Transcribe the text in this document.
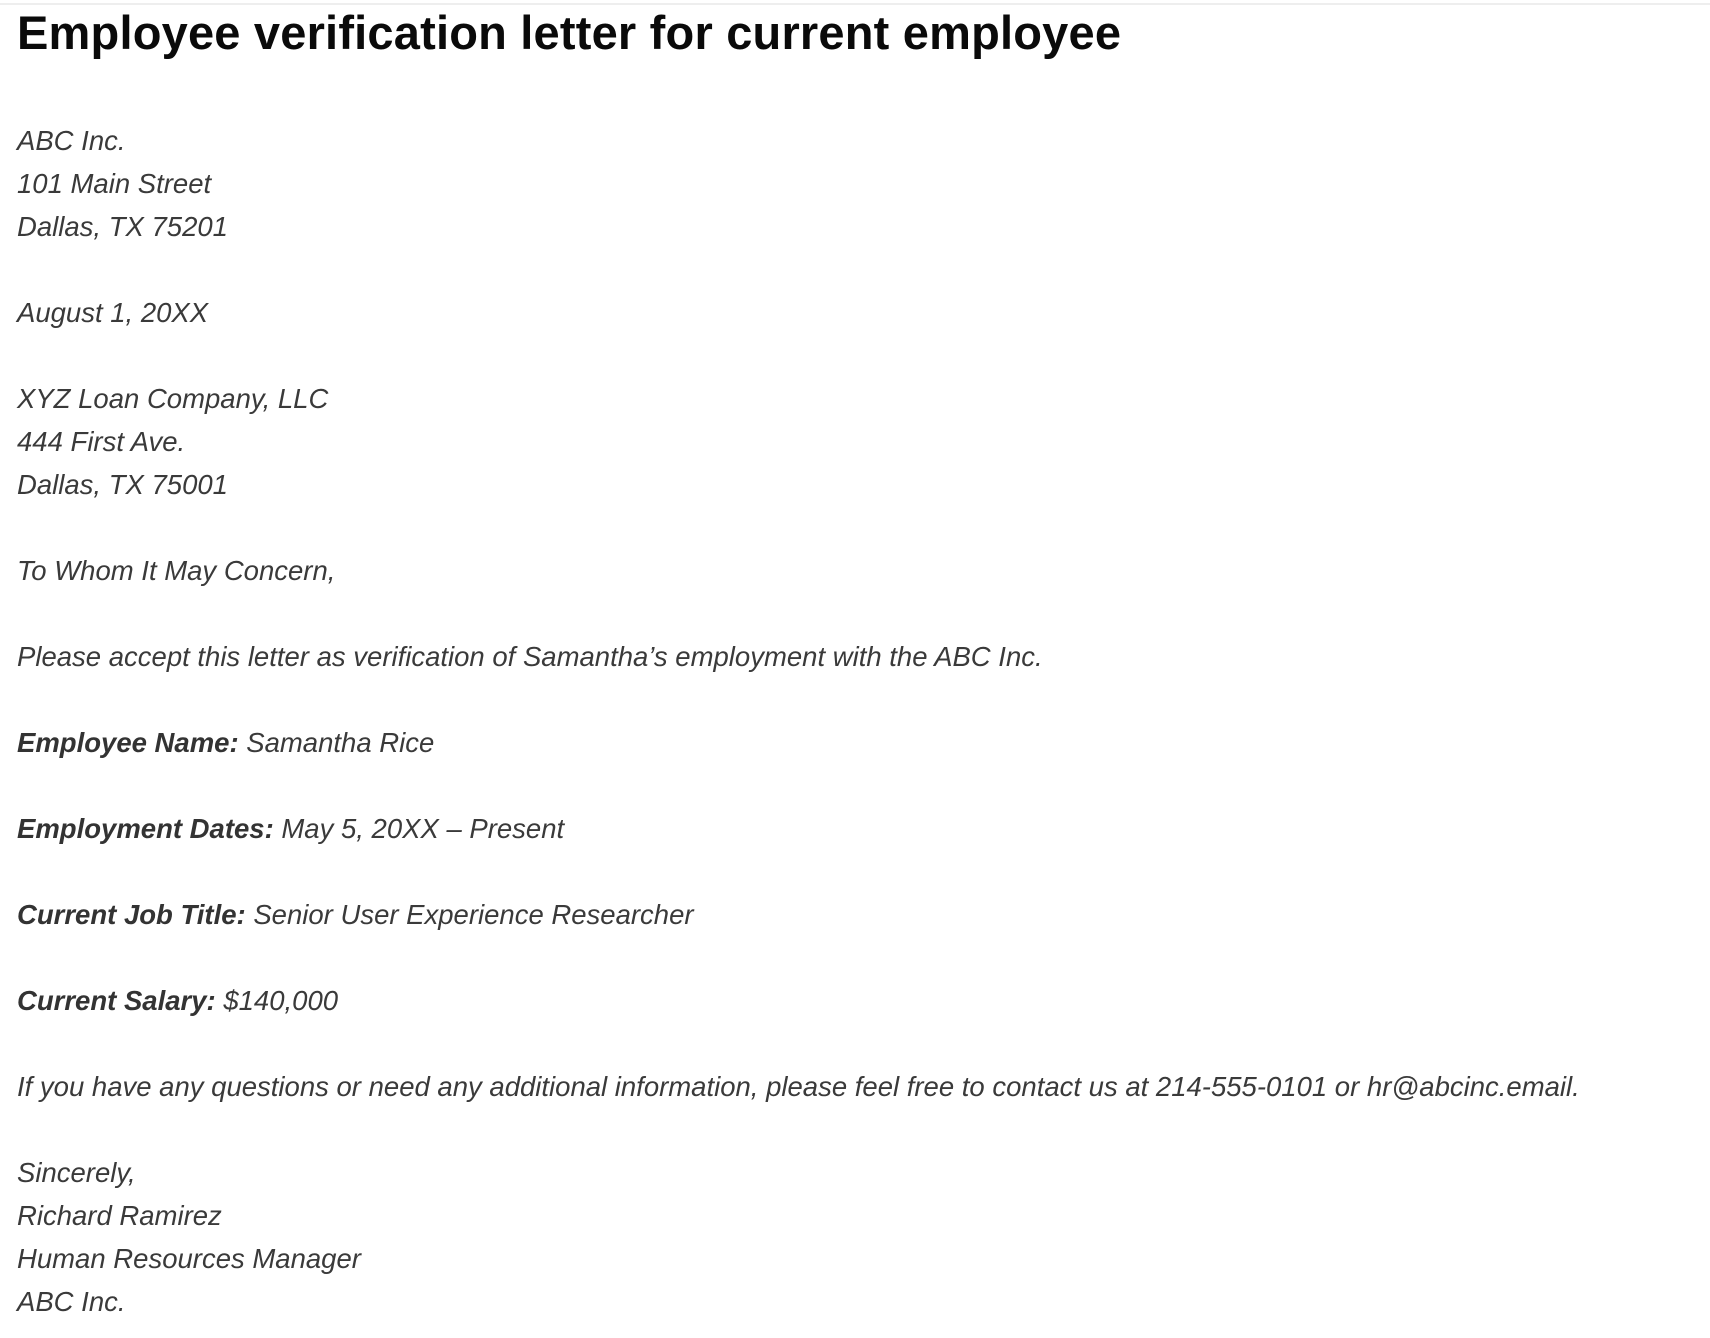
Employee verification letter for current employee
ABC Inc.
101 Main Street
Dallas, TX 75201
August 1, 20XX
XYZ Loan Company, LLC
444 First Ave.
Dallas, TX 75001
To Whom It May Concern,
Please accept this letter as verification of Samantha’s employment with the ABC Inc.
Employee Name: Samantha Rice
Employment Dates: May 5, 20XX – Present
Current Job Title: Senior User Experience Researcher
Current Salary: $140,000
If you have any questions or need any additional information, please feel free to contact us at 214-555-0101 or hr@abcinc.email.
Sincerely,
Richard Ramirez
Human Resources Manager
ABC Inc.
